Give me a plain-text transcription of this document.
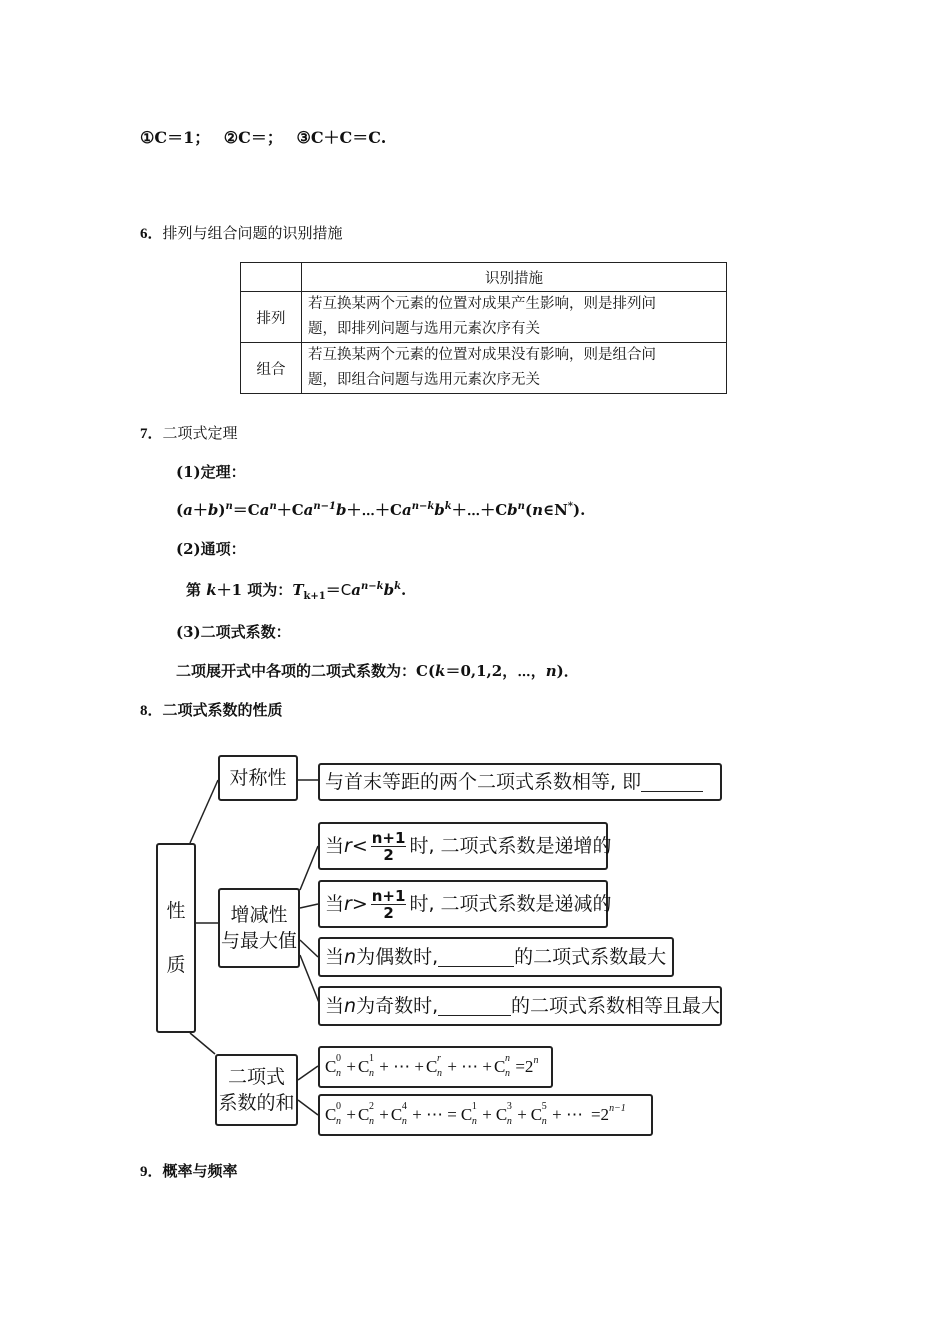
①C＝1； ②C＝； ③C＋C＝C.
6．排列与组合问题的识别措施
	识别措施
排列	若互换某两个元素的位置对成果产生影响，则是排列问
题，即排列问题与选用元素次序有关
组合	若互换某两个元素的位置对成果没有影响，则是组合问
题，即组合问题与选用元素次序无关
7．二项式定理
(1)定理：
$(a+b)^n=Ca^n+Ca^{n-1}b+\cdots+Ca^{n-k}b^k+\cdots+Cb^n(n\in N^*)$.
(2)通项：
第 k＋1 项为：$T_{k+1}=Ca^{n-k}b^k$.
(3)二项式系数：
二项展开式中各项的二项式系数为：C(k＝0,1,2，⋯，n)．
8．二项式系数的性质
性
质
对称性	与首末等距的两个二项式系数相等, 即
增减性
与最大值
当 $r < \frac{n+1}{2}$ 时, 二项式系数是递增的
当 $r > \frac{n+1}{2}$ 时, 二项式系数是递减的
当 n 为偶数时,	的二项式系数最大
当 n 为奇数时,	的二项式系数相等且最大
二项式
系数的和
C 0
n + C 1
n + ⋯ + C r
n + ⋯ + C n
$n =2^n$
C 0
n + C 2
n + C 4
n + ⋯ = C 1
n + C 3
n + C 5
n + ⋯ $=2^{n-1}$
9．概率与频率
